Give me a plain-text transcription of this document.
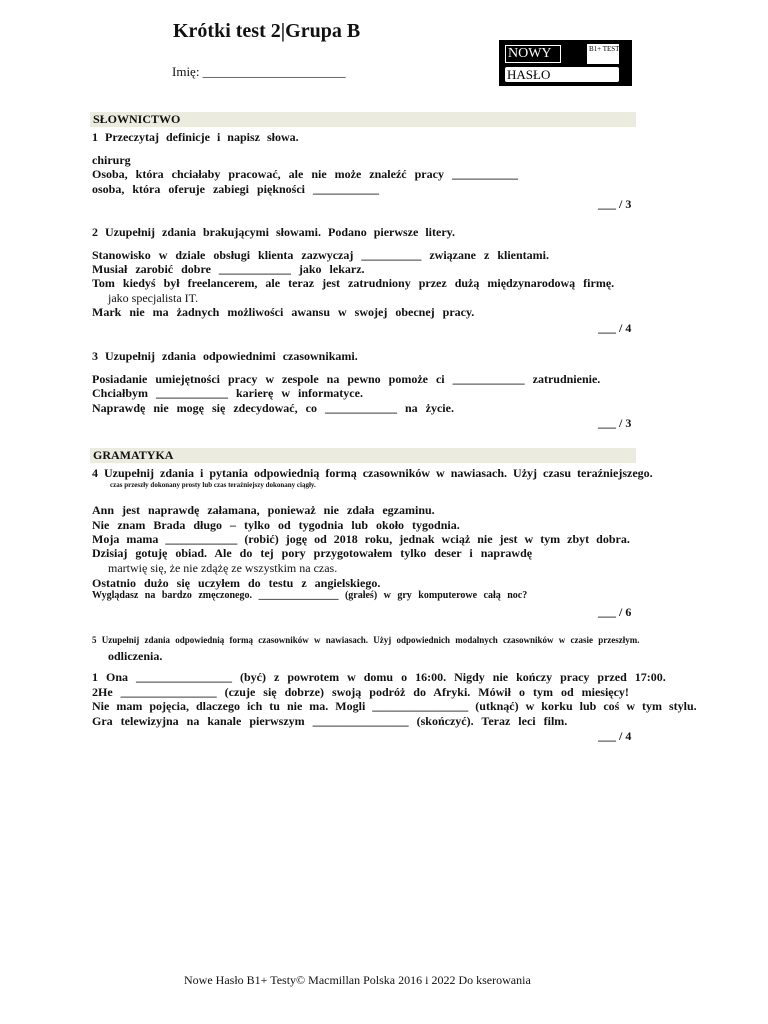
Krótki test 2|Grupa B
Imię: ______________________
NOWY	B1+ TESTY
HASŁO
SŁOWNICTWO
1 Przeczytaj definicje i napisz słowa.
chirurg
Osoba, która chciałaby pracować, ale nie może znaleźć pracy ___________
osoba, która oferuje zabiegi piękności ___________
___ / 3
2 Uzupełnij zdania brakującymi słowami. Podano pierwsze litery.
Stanowisko w dziale obsługi klienta zazwyczaj __________ związane z klientami.
Musiał zarobić dobre ____________ jako lekarz.
Tom kiedyś był freelancerem, ale teraz jest zatrudniony przez dużą międzynarodową firmę.
jako specjalista IT.
Mark nie ma żadnych możliwości awansu w swojej obecnej pracy.
___ / 4
3 Uzupełnij zdania odpowiednimi czasownikami.
Posiadanie umiejętności pracy w zespole na pewno pomoże ci ____________ zatrudnienie.
Chciałbym ____________ karierę w informatyce.
Naprawdę nie mogę się zdecydować, co ____________ na życie.
___ / 3
GRAMATYKA
4 Uzupełnij zdania i pytania odpowiednią formą czasowników w nawiasach. Użyj czasu teraźniejszego.
czas przeszły dokonany prosty lub czas teraźniejszy dokonany ciągły.
Ann jest naprawdę załamana, ponieważ nie zdała egzaminu.
Nie znam Brada długo – tylko od tygodnia lub około tygodnia.
Moja mama ____________ (robić) jogę od 2018 roku, jednak wciąż nie jest w tym zbyt dobra.
Dzisiaj gotuję obiad. Ale do tej pory przygotowałem tylko deser i naprawdę
martwię się, że nie zdążę ze wszystkim na czas.
Ostatnio dużo się uczyłem do testu z angielskiego.
Wyglądasz na bardzo zmęczonego. ________________ (grałeś) w gry komputerowe całą noc?
___ / 6
5 Uzupełnij zdania odpowiednią formą czasowników w nawiasach. Użyj odpowiednich modalnych czasowników w czasie przeszłym.
odliczenia.
1 Ona ________________ (być) z powrotem w domu o 16:00. Nigdy nie kończy pracy przed 17:00.
2He ________________ (czuje się dobrze) swoją podróż do Afryki. Mówił o tym od miesięcy!
Nie mam pojęcia, dlaczego ich tu nie ma. Mogli ________________ (utknąć) w korku lub coś w tym stylu.
Gra telewizyjna na kanale pierwszym ________________ (skończyć). Teraz leci film.
___ / 4
Nowe Hasło B1+ Testy© Macmillan Polska 2016 i 2022 Do kserowania
